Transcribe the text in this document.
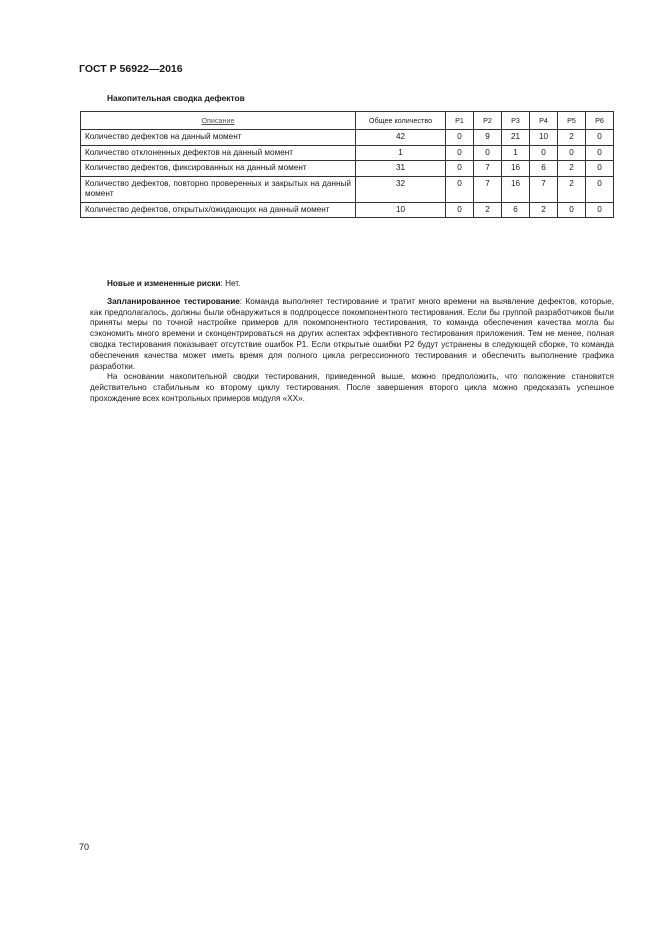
ГОСТ Р 56922—2016
Накопительная сводка дефектов
Описание	Общее количество	P1	P2	P3	P4	P5	P6
Количество дефектов на данный момент	42	0	9	21	10	2	0
Количество отклоненных дефектов на данный момент	1	0	0	1	0	0	0
Количество дефектов, фиксированных на данный момент	31	0	7	16	6	2	0
Количество дефектов, повторно проверенных и закрытых на данный момент	32	0	7	16	7	2	0
Количество дефектов, открытых/ожидающих на данный момент	10	0	2	6	2	0	0

Новые и измененные риски: Нет.

Запланированное тестирование: Команда выполняет тестирование и тратит много времени на выявление дефектов, которые, как предполагалось, должны были обнаружиться в подпроцессе покомпонентного тестирования. Если бы группой разработчиков были приняты меры по точной настройке примеров для покомпонентного тестирования, то команда обеспечения качества могла бы сэкономить много времени и сконцентрироваться на других аспектах эффективного тестирования приложения. Тем не менее, полная сводка тестирования показывает отсутствие ошибок P1. Если открытые ошибки P2 будут устранены в следующей сборке, то команда обеспечения качества может иметь время для полного цикла регрессионного тестирования и обеспечить выполнение графика разработки.

На основании накопительной сводки тестирования, приведенной выше, можно предположить, что положение становится действительно стабильным ко второму циклу тестирования. После завершения второго цикла можно предсказать успешное прохождение всех контрольных примеров модуля «ХХ».

70
